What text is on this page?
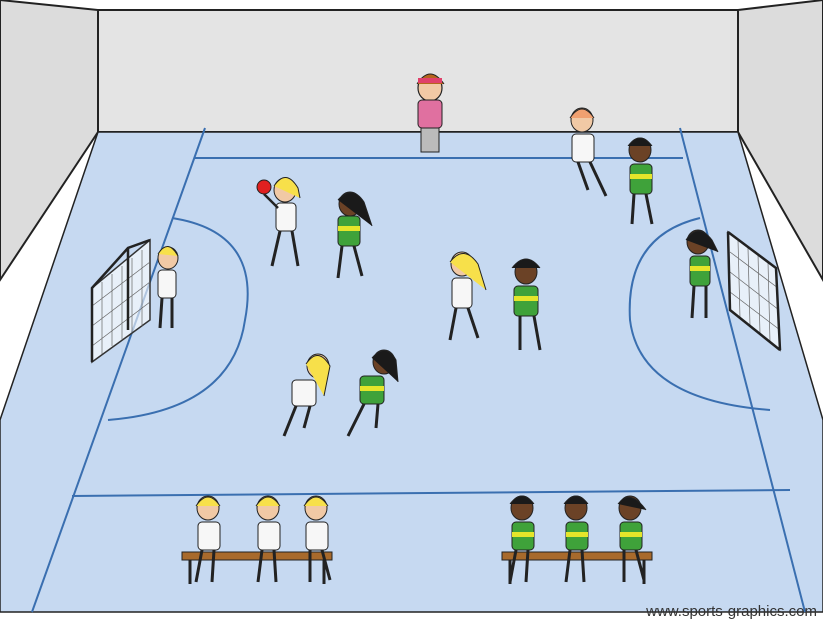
www.sports-graphics.com
